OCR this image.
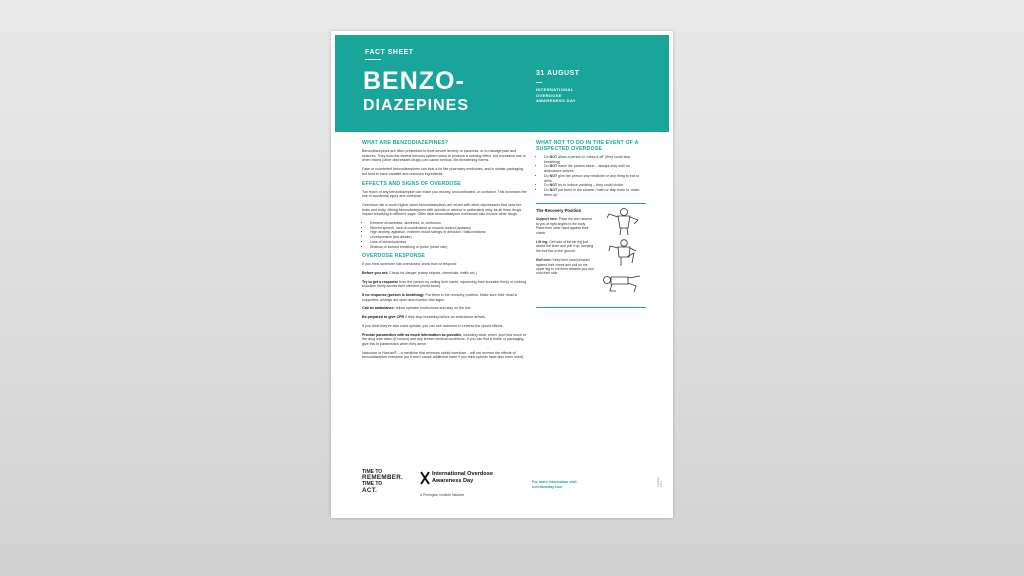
FACT SHEET
BENZO-
DIAZEPINES
31 AUGUST
INTERNATIONAL
OVERDOSE
AWARENESS DAY
WHAT ARE BENZODIAZEPINES?

Benzodiazepines are often prescribed to treat severe anxiety or insomnia, or to manage pain and seizures. They slow the central nervous system down to produce a calming effect, but excessive use or when mixed (other depressant drugs) can cause serious, life-threatening harms.

Fake or counterfeit benzodiazepines can look a lot like pharmacy medicines, and in similar packaging but tend to have variable and unknown ingredients.

EFFECTS AND SIGNS OF OVERDOSE

Too much of any benzodiazepine can make you drowsy, uncoordinated, or confused. This increases the risk of accidental injury and overdose.

Overdose risk is much higher when benzodiazepines are mixed with other depressants that slow the brain and body. Mixing benzodiazepines with opioids or alcohol is particularly risky as all three drugs impact breathing in different ways. Often fatal benzodiazepine overdoses also involve other drugs.

• Extreme drowsiness, dizziness, or confusion
• Slurred speech, lack of coordination or muscle control (spasms)
• High anxiety, agitation, extreme mood swings or delusion / hallucinations
• Unresponsive (but awake)
• Loss of consciousness
• Shallow or slowed breathing or pulse (heart rate)
OVERDOSE RESPONSE

If you think someone has overdosed, know how to respond:

Before you act: Check for danger (sharp objects, chemicals, traffic etc.)

Try to get a response from the person by calling their name, squeezing their shoulder firmly or rubbing knuckles firmly across their sternum (chest bone).

If no response (person is breathing): Put them in the recovery position. Make sure their head is supported, airways are open and monitor vital signs.

Call an ambulance: follow operator instructions and stay on the line.

Be prepared to give CPR if they stop breathing before an ambulance arrives.

If you think they've also used opioids, you can use naloxone to reverse the opioid effects.

Provide paramedics with as much information as possible, including what, when, and how much of the drug was taken (if known) and any known medical conditions. If you can find a bottle or packaging, give this to paramedics when they arrive.

Naloxone or Narcan® – a medicine that reverses opioid overdose – will not reverse the effects of benzodiazepine overdose (so it won't cause additional harm if you think opioids have also been used).

WHAT NOT TO DO IN THE EVENT OF A SUSPECTED OVERDOSE
• Do NOT allow a person to 'sleep it off' (they could stop breathing)
• Do NOT leave the person alone – always stay until an ambulance arrives
• Do NOT give the person any medicine or any thing to eat or drink
• Do NOT try to induce vomiting – they could choke
• Do NOT put them in the shower / bath or slap them to 'wake them up'
The Recovery Position
Support face: Place the arm nearest to you at right angles to the body. Place their other hand against their cheek.
Lift leg: Get hold of the far leg just above the knee and pull it up, keeping the foot flat on the ground.
Roll over: Keep their hand pressed against their cheek and pull on the upper leg to roll them towards you and onto their side.
TIME TO
REMEMBER.
TIME TO
ACT.
International Overdose
Awareness Day
A Penington Institute initiative
For more information visit
overdoseday.com	Updated 2024
